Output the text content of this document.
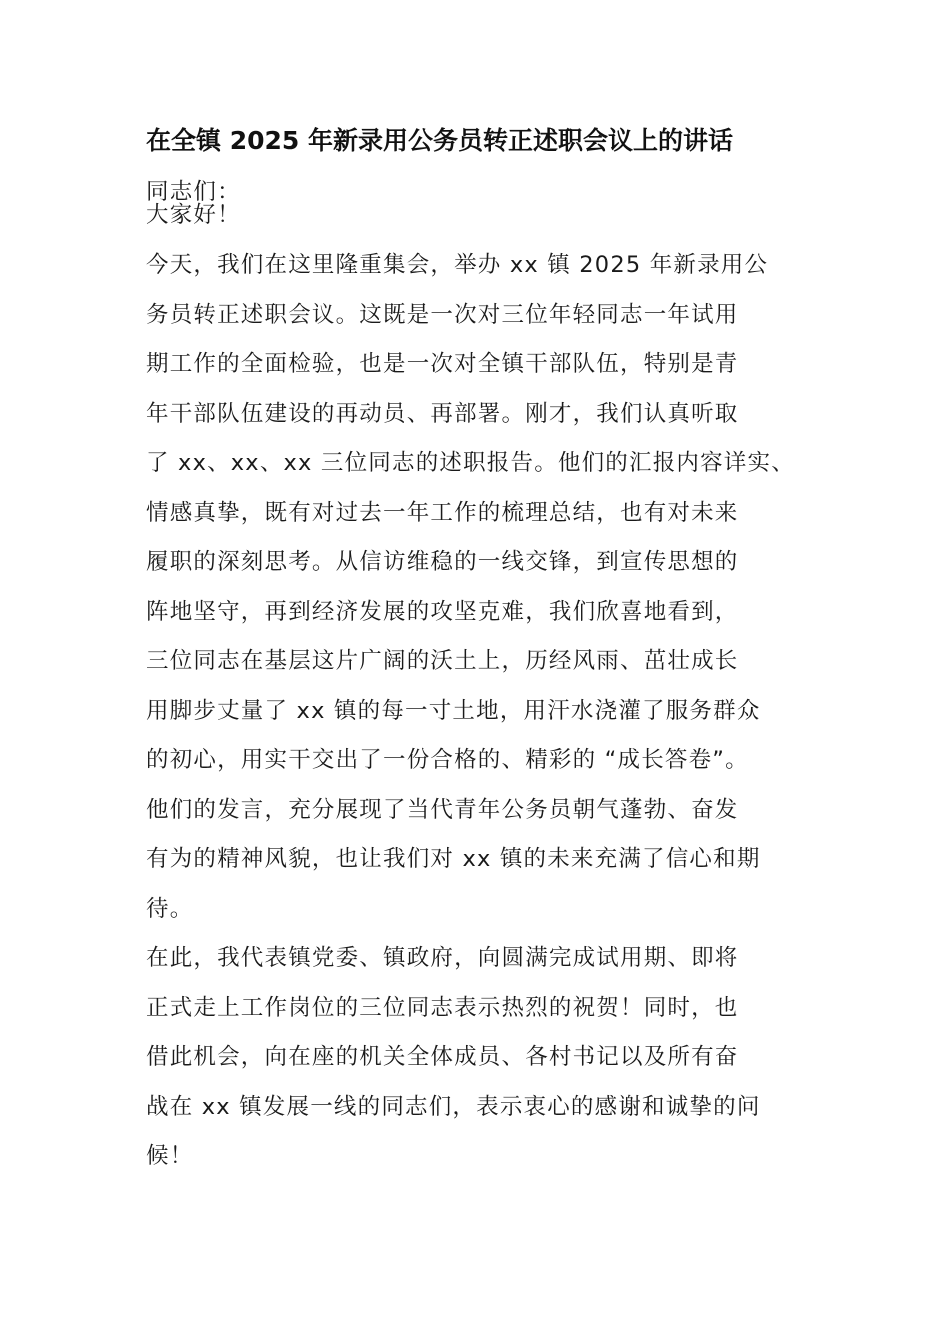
在全镇 2025 年新录用公务员转正述职会议上的讲话
同志们：
大家好！
今天，我们在这里隆重集会，举办 xx 镇 2025 年新录用公
务员转正述职会议。这既是一次对三位年轻同志一年试用
期工作的全面检验，也是一次对全镇干部队伍，特别是青
年干部队伍建设的再动员、再部署。刚才，我们认真听取
了 xx、xx、xx 三位同志的述职报告。他们的汇报内容详实、
情感真挚，既有对过去一年工作的梳理总结，也有对未来
履职的深刻思考。从信访维稳的一线交锋，到宣传思想的
阵地坚守，再到经济发展的攻坚克难，我们欣喜地看到，
三位同志在基层这片广阔的沃土上，历经风雨、茁壮成长
用脚步丈量了 xx 镇的每一寸土地，用汗水浇灌了服务群众
的初心，用实干交出了一份合格的、精彩的 “成长答卷”。
他们的发言，充分展现了当代青年公务员朝气蓬勃、奋发
有为的精神风貌，也让我们对 xx 镇的未来充满了信心和期
待。
在此，我代表镇党委、镇政府，向圆满完成试用期、即将
正式走上工作岗位的三位同志表示热烈的祝贺！同时，也
借此机会，向在座的机关全体成员、各村书记以及所有奋
战在 xx 镇发展一线的同志们，表示衷心的感谢和诚挚的问
候！
